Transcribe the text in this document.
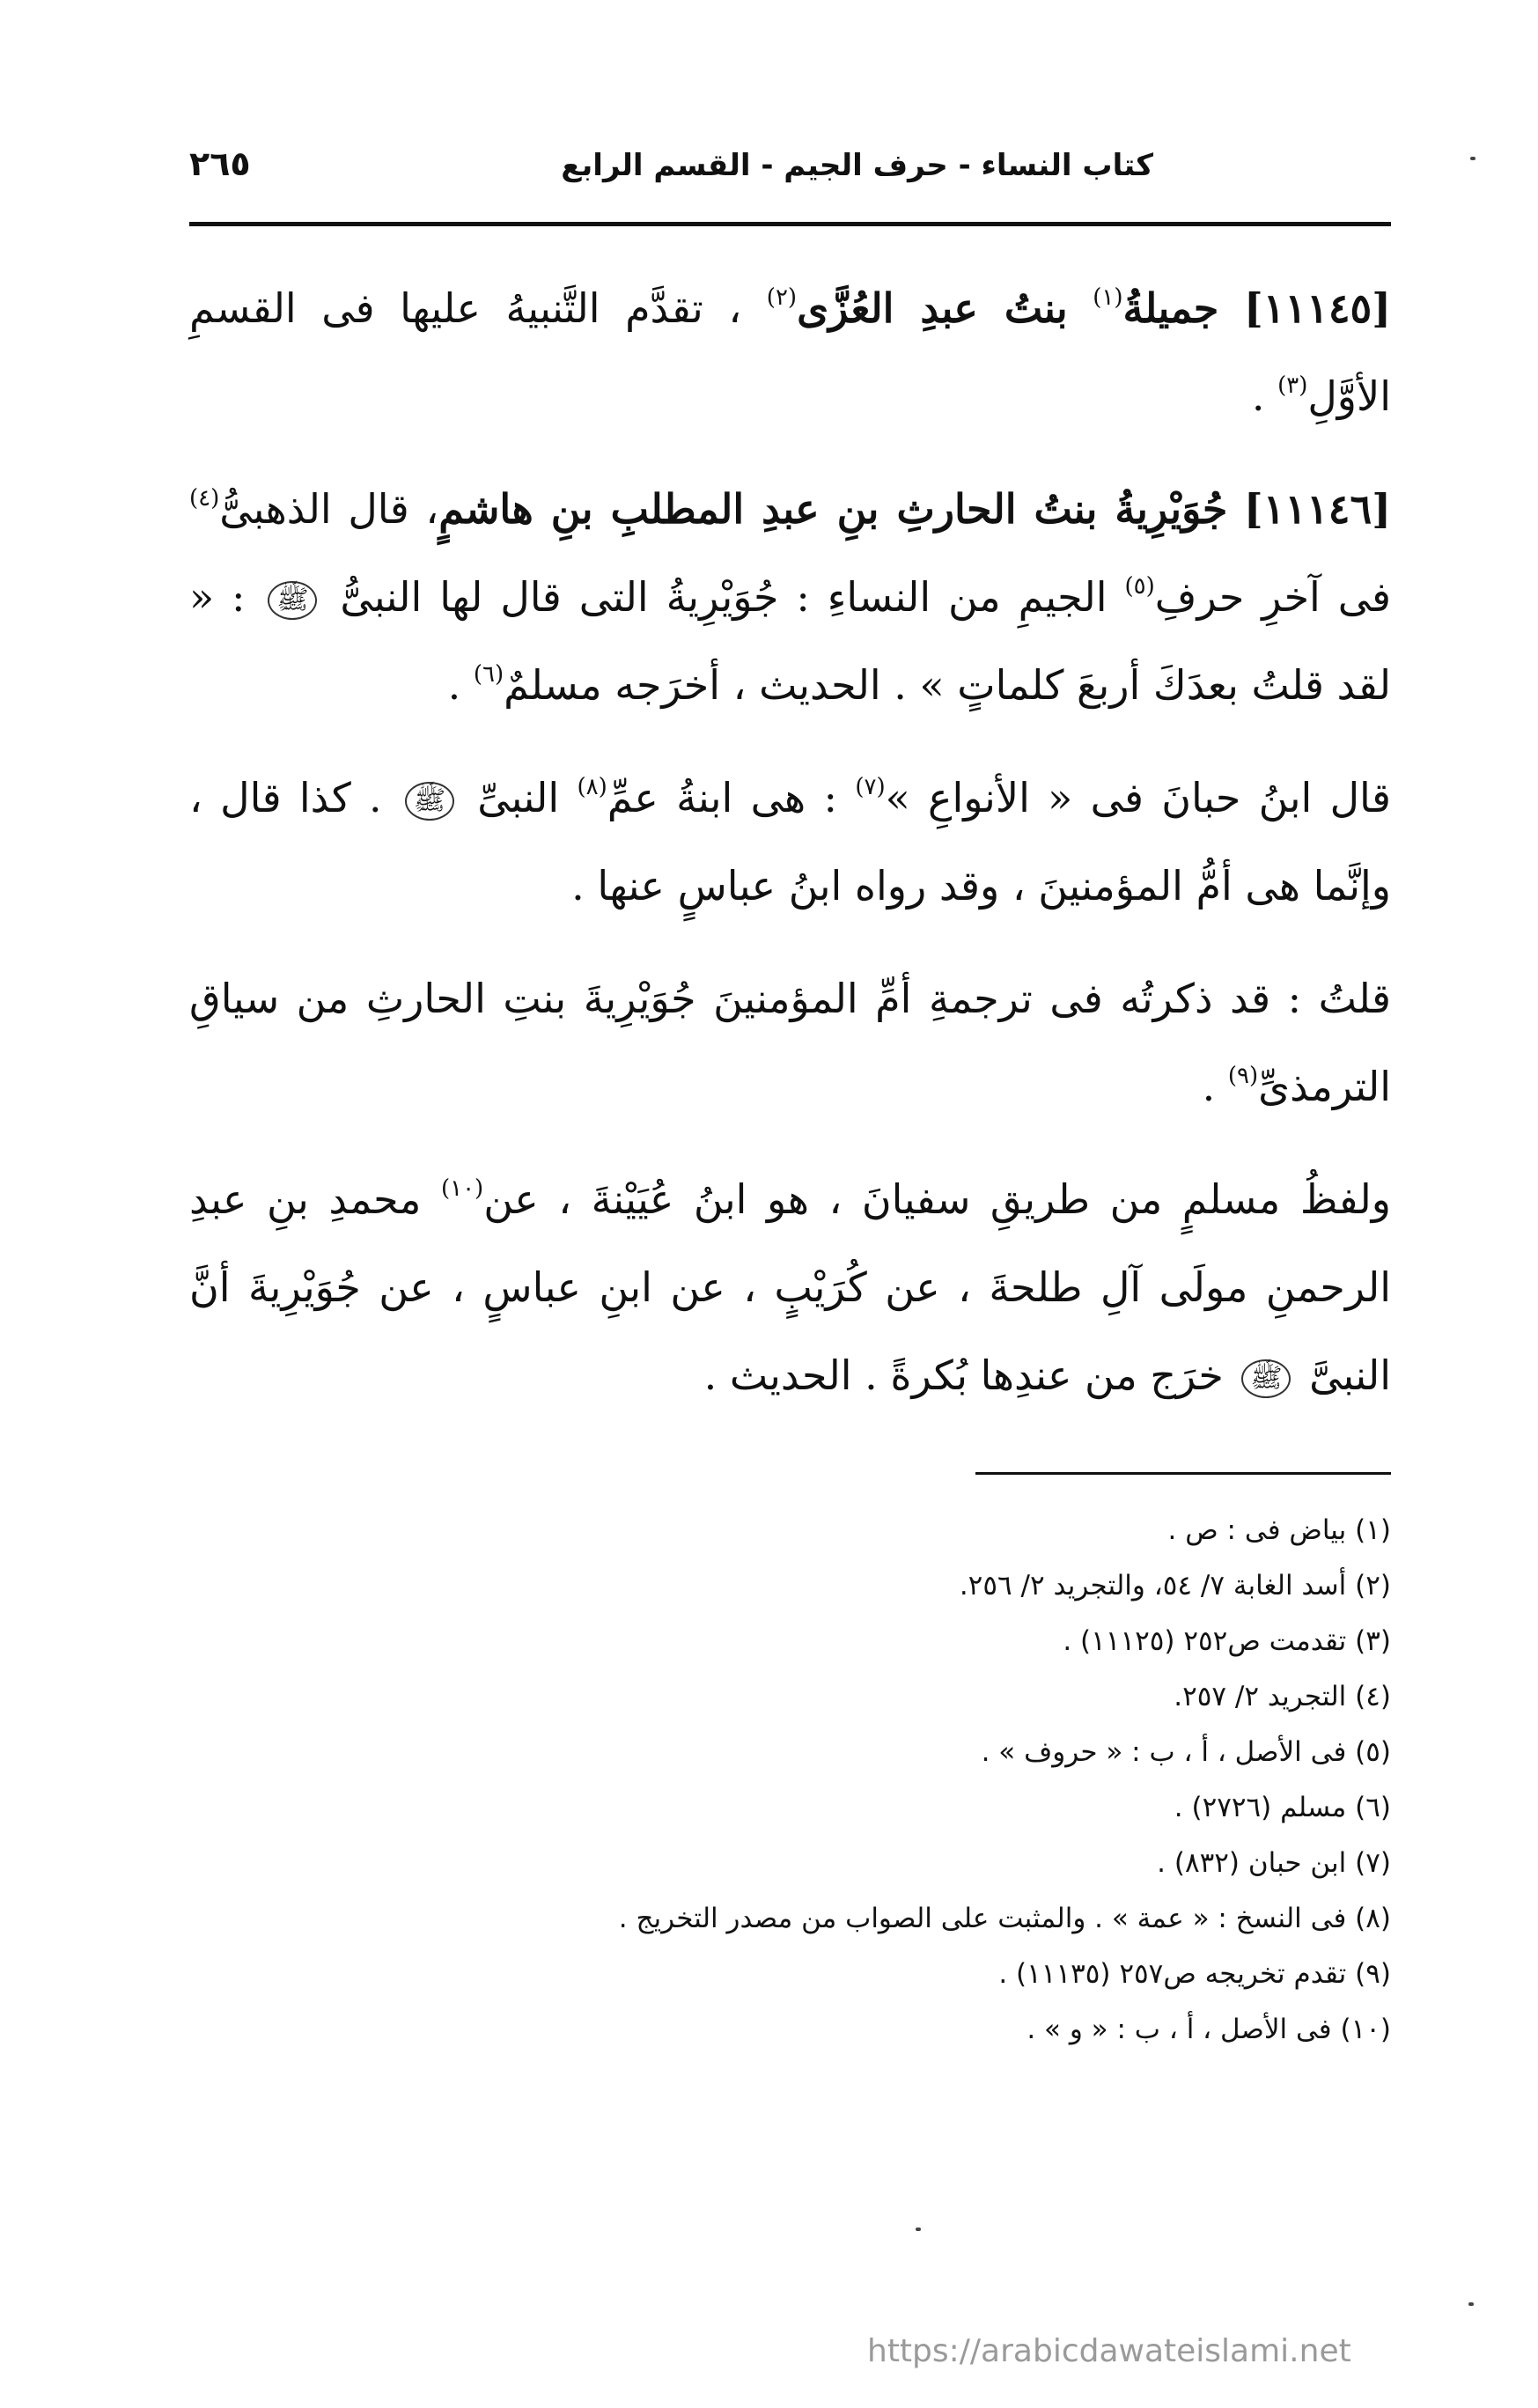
كتاب النساء - حرف الجيم - القسم الرابع
٢٦٥

[١١١٤٥] جميلةُ$^{(١)}$ بنتُ عبدِ العُزَّى$^{(٢)}$ ، تقدَّم التَّنبيهُ عليها فى القسمِ الأوَّلِ$^{(٣)}$ .

[١١١٤٦] جُوَيْرِيةُ بنتُ الحارثِ بنِ عبدِ المطلبِ بنِ هاشمٍ، قال الذهبىُّ$^{(٤)}$ فى آخرِ حرفِ$^{(٥)}$ الجيمِ من النساءِ : جُوَيْرِيةُ التى قال لها النبىُّ ﷺ : « لقد قلتُ بعدَكَ أربعَ كلماتٍ » . الحديث ، أخرَجه مسلمٌ$^{(٦)}$ .

قال ابنُ حبانَ فى « الأنواعِ »$^{(٧)}$ : هى ابنةُ عمِّ$^{(٨)}$ النبىِّ ﷺ . كذا قال ، وإنَّما هى أمُّ المؤمنينَ ، وقد رواه ابنُ عباسٍ عنها .

قلتُ : قد ذكرتُه فى ترجمةِ أمِّ المؤمنينَ جُوَيْرِيةَ بنتِ الحارثِ من سياقِ الترمذىِّ$^{(٩)}$ .

ولفظُ مسلمٍ من طريقِ سفيانَ ، هو ابنُ عُيَيْنةَ ، عن$^{(١٠)}$ محمدِ بنِ عبدِ الرحمنِ مولَى آلِ طلحةَ ، عن كُرَيْبٍ ، عن ابنِ عباسٍ ، عن جُوَيْرِيةَ أنَّ النبىَّ ﷺ خرَج من عندِها بُكرةً . الحديث .

(١) بياض فى : ص .
(٢) أسد الغابة ٧/ ٥٤، والتجريد ٢/ ٢٥٦.
(٣) تقدمت ص٢٥٢ (١١١٢٥) .
(٤) التجريد ٢/ ٢٥٧.
(٥) فى الأصل ، أ ، ب : « حروف » .
(٦) مسلم (٢٧٢٦) .
(٧) ابن حبان (٨٣٢) .
(٨) فى النسخ : « عمة » . والمثبت على الصواب من مصدر التخريج .
(٩) تقدم تخريجه ص٢٥٧ (١١١٣٥) .
(١٠) فى الأصل ، أ ، ب : « و » .
https://arabicdawateislami.net
